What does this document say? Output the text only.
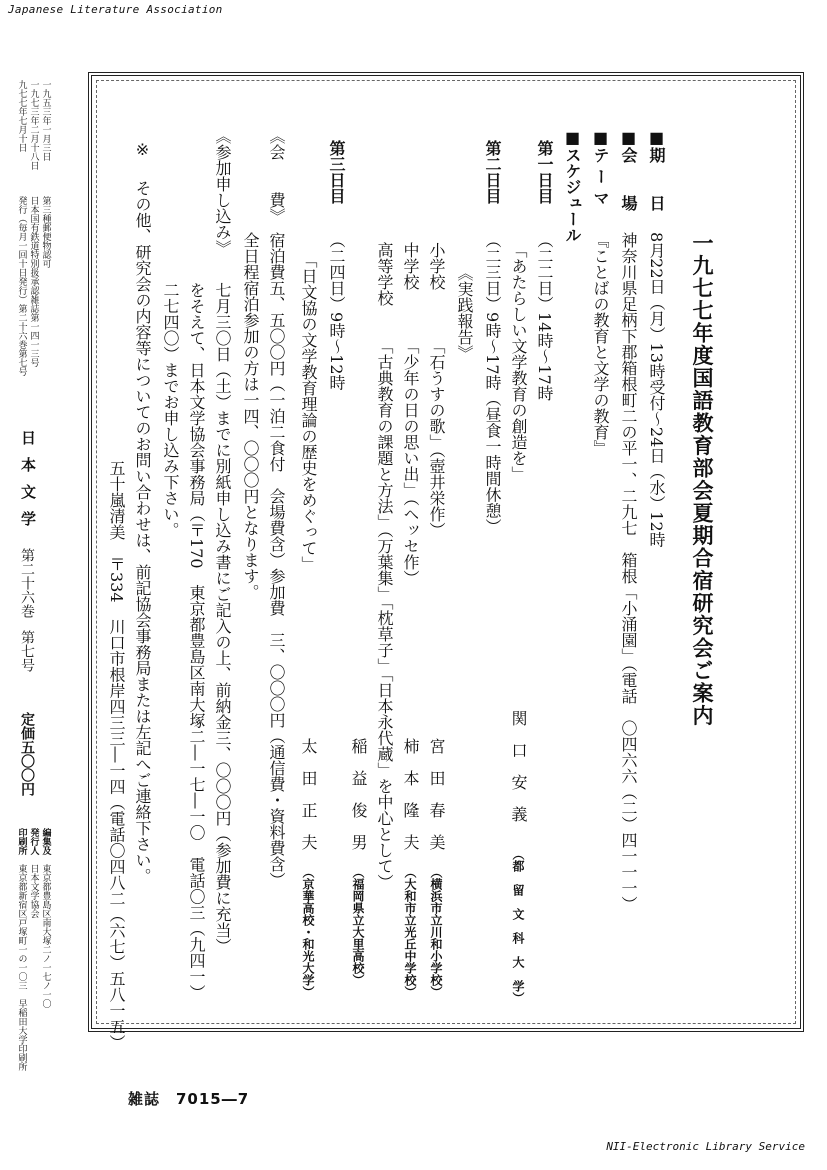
Japanese Literature Association
一九五三年一月三日
一九七三年二月十八日
九七七年七月十日
第三種郵便物認可
日本国有鉄道特別扱承認雑誌第一四一三号
発行（毎月一回十日発行）第二十六巻第七号
日
本
文
学
第二十六巻
第七号
定価五〇〇円
編集及
発行人
印刷所
東京都豊島区南大塚二ノ一七ノ一〇
日本文学協会
東京都新宿区戸塚町一の一〇三　早稲田大学印刷所
一九七七年度国語教育部会夏期合宿研究会ご案内
■期　　日
8月22日（月）13時受付～24日（水）12時
■会　　場
神奈川県足柄下郡箱根町二の平一、二九七　箱根「小涌園」（電話　〇四六六（二）四一一一）
■テ ー マ
『ことばの教育と文学の教育』
■スケジュール
第一日目
（二二日）14時～17時
「あたらしい文学教育の創造を」
関　口　安　義
（都　留　文　科　大　学）
第二日目
（二三日）9時～17時（昼食一時間休憩）
《実践報告》
小学校
「石うすの歌」（壺井栄作）
宮　田　春　美
（横浜市立川和小学校）
中学校
「少年の日の思い出」（ヘッセ作）
柿　本　隆　夫
（大和市立光丘中学校）
高等学校
「古典教育の課題と方法」（万葉集」「枕草子」「日本永代蔵」を中心として）
稲　益　俊　男
（福岡県立大里高校）
第三日目
（二四日）9時～12時
「日文協の文学教育理論の歴史をめぐって」
太　田　正　夫
（京華高校・和光大学）
《会　　費》
宿泊費五、五〇〇円（一泊二食付　会場費含）参加費　三、〇〇〇円（通信費・資料費含）
全日程宿泊参加の方は一四、〇〇〇円となります。
《参加申し込み》
七月三〇日（土）までに別紙申し込み書にご記入の上、前納金三、〇〇〇円（参加費に充当）
をそえて、日本文学協会事務局（〒170　東京都豊島区南大塚二―一七―一〇　電話〇三（九四一）
二七四〇）までお申し込み下さい。
※
その他、研究会の内容等についてのお問い合わせは、前記協会事務局または左記へご連絡下さい。
五十嵐清美　〒334　川口市根岸四三三―一四（電話〇四八二（六七）五八一五）
雑誌　7015―7
NII-Electronic Library Service
